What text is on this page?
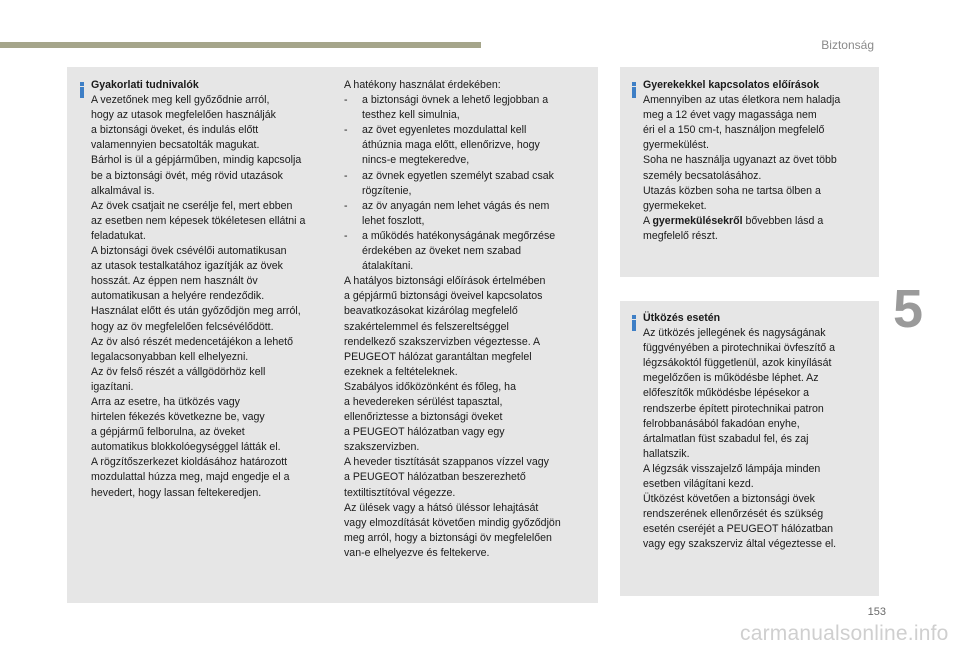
Biztonság
5
Gyakorlati tudnivalók
A vezetőnek meg kell győződnie arról,
hogy az utasok megfelelően használják
a biztonsági öveket, és indulás előtt
valamennyien becsatolták magukat.
Bárhol is ül a gépjárműben, mindig kapcsolja
be a biztonsági övét, még rövid utazások
alkalmával is.
Az övek csatjait ne cserélje fel, mert ebben
az esetben nem képesek tökéletesen ellátni a
feladatukat.
A biztonsági övek csévélői automatikusan
az utasok testalkatához igazítják az övek
hosszát. Az éppen nem használt öv
automatikusan a helyére rendeződik.
Használat előtt és után győződjön meg arról,
hogy az öv megfelelően felcsévélődött.
Az öv alsó részét medencetájékon a lehető
legalacsonyabban kell elhelyezni.
Az öv felső részét a vállgödörhöz kell
igazítani.
Arra az esetre, ha ütközés vagy
hirtelen fékezés következne be, vagy
a gépjármű felborulna, az öveket
automatikus blokkolóegységgel látták el.
A rögzítőszerkezet kioldásához határozott
mozdulattal húzza meg, majd engedje el a
hevedert, hogy lassan feltekeredjen.
A hatékony használat érdekében:
- a biztonsági övnek a lehető legjobban a
testhez kell simulnia,
- az övet egyenletes mozdulattal kell
áthúznia maga előtt, ellenőrizve, hogy
nincs-e megtekeredve,
- az övnek egyetlen személyt szabad csak
rögzítenie,
- az öv anyagán nem lehet vágás és nem
lehet foszlott,
- a működés hatékonyságának megőrzése
érdekében az öveket nem szabad
átalakítani.
A hatályos biztonsági előírások értelmében
a gépjármű biztonsági öveivel kapcsolatos
beavatkozásokat kizárólag megfelelő
szakértelemmel és felszereltséggel
rendelkező szakszervizben végeztesse. A
PEUGEOT hálózat garantáltan megfelel
ezeknek a feltételeknek.
Szabályos időközönként és főleg, ha
a hevedereken sérülést tapasztal,
ellenőriztesse a biztonsági öveket
a PEUGEOT hálózatban vagy egy
szakszervizben.
A heveder tisztítását szappanos vízzel vagy
a PEUGEOT hálózatban beszerezhető
textiltisztítóval végezze.
Az ülések vagy a hátsó üléssor lehajtását
vagy elmozdítását követően mindig győződjön
meg arról, hogy a biztonsági öv megfelelően
van-e elhelyezve és feltekerve.
Gyerekekkel kapcsolatos előírások
Amennyiben az utas életkora nem haladja
meg a 12 évet vagy magassága nem
éri el a 150 cm-t, használjon megfelelő
gyermekülést.
Soha ne használja ugyanazt az övet több
személy becsatolásához.
Utazás közben soha ne tartsa ölben a
gyermekeket.
A gyermekülésekről bővebben lásd a
megfelelő részt.
Ütközés esetén
Az ütközés jellegének és nagyságának
függvényében a pirotechnikai övfeszítő a
légzsákoktól függetlenül, azok kinyílását
megelőzően is működésbe léphet. Az
előfeszítők működésbe lépésekor a
rendszerbe épített pirotechnikai patron
felrobbanásából fakadóan enyhe,
ártalmatlan füst szabadul fel, és zaj
hallatszik.
A légzsák visszajelző lámpája minden
esetben világítani kezd.
Ütközést követően a biztonsági övek
rendszerének ellenőrzését és szükség
esetén cseréjét a PEUGEOT hálózatban
vagy egy szakszerviz által végeztesse el.
153
carmanualsonline.info
